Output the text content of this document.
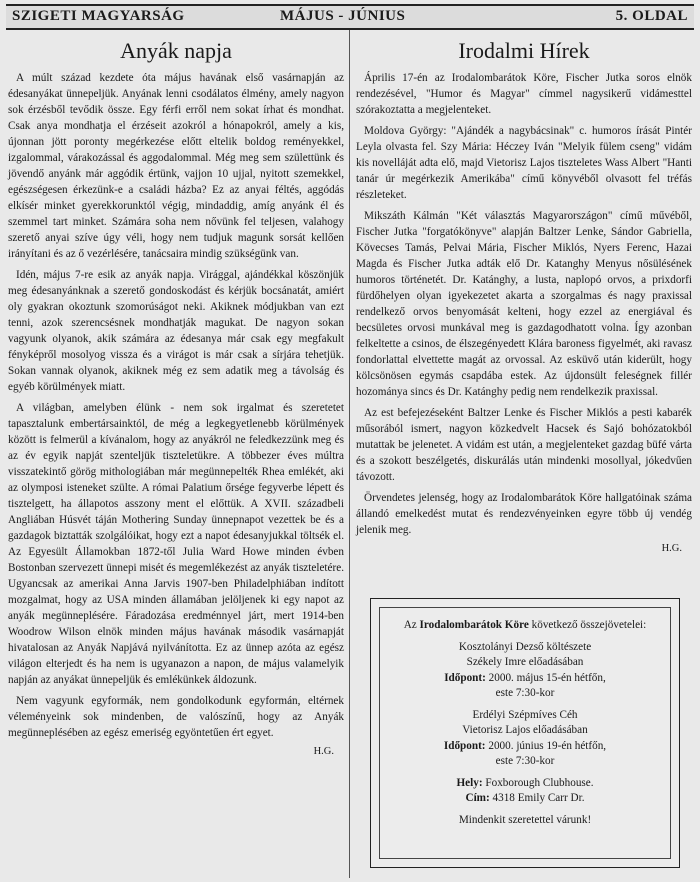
SZIGETI MAGYARSÁG	MÁJUS - JÚNIUS	5. OLDAL
Anyák napja

A múlt század kezdete óta május havának első vasárnapján az édesanyákat ünnepeljük. Anyának lenni csodálatos élmény, amely nagyon sok érzésből tevődik össze. Egy férfi erről nem sokat írhat és mondhat. Csak anya mondhatja el érzéseit azokról a hónapokról, amely a kis, újonnan jött poronty megérkezése előtt eltelik boldog reményekkel, izgalommal, várakozással és aggodalommal. Még meg sem születtünk és jövendő anyánk már aggódik értünk, vajjon 10 ujjal, nyitott szemekkel, egészségesen érkezünk-e a családi házba? Ez az anyai féltés, aggódás elkísér minket gyerekkorunktól végig, mindaddig, amíg anyánk él és szemmel tart minket. Számára soha nem nővünk fel teljesen, valahogy szerető anyai szíve úgy véli, hogy nem tudjuk magunk sorsát kellően irányítani és az ő vezérlésére, tanácsaira mindig szükségünk van.

Idén, május 7-re esik az anyák napja. Virággal, ajándékkal köszönjük meg édesanyánknak a szerető gondoskodást és kérjük bocsánatát, amiért oly gyakran okoztunk szomorúságot neki. Akiknek módjukban van ezt tenni, azok szerencsésnek mondhatják magukat. De nagyon sokan vagyunk olyanok, akik számára az édesanya már csak egy megfakult fényképről mosolyog vissza és a virágot is már csak a sírjára tehetjük. Sokan vannak olyanok, akiknek még ez sem adatik meg a távolság és egyéb körülmények miatt.

A világban, amelyben élünk - nem sok irgalmat és szeretetet tapasztalunk embertársainktól, de még a legkegyetlenebb körülmények között is felmerül a kívánalom, hogy az anyákról ne feledkezzünk meg és az év egyik napját szenteljük tiszteletükre. A többezer éves múltra visszatekintő görög mithologiában már megünnepelték Rhea emlékét, aki az olymposi isteneket szülte. A római Palatium őrsége fegyverbe lépett és tisztelgett, ha állapotos asszony ment el előttük. A XVII. századbeli Angliában Húsvét táján Mothering Sunday ünnepnapot vezettek be és a gazdagok biztatták szolgálóikat, hogy ezt a napot édesanyjukkal töltsék el. Az Egyesült Államokban 1872-től Julia Ward Howe minden évben Bostonban szervezett ünnepi misét és megemlékezést az anyák tiszteletére. Ugyancsak az amerikai Anna Jarvis 1907-ben Philadelphiában indított mozgalmat, hogy az USA minden államában jelöljenek ki egy napot az anyák megünneplésére. Fáradozása eredménnyel járt, mert 1914-ben Woodrow Wilson elnök minden május havának második vasárnapját hivatalosan az Anyák Napjává nyilvánította. Ez az ünnep azóta az egész világon elterjedt és ha nem is ugyanazon a napon, de május valamelyik napján az anyákat ünnepeljük és emlékünkek áldozunk.

Nem vagyunk egyformák, nem gondolkodunk egyformán, eltérnek véleményeink sok mindenben, de valószínű, hogy az Anyák megünneplésében az egész emeriség egyöntetűen ért egyet.

H.G.
Irodalmi Hírek

Április 17-én az Irodalombarátok Köre, Fischer Jutka soros elnök rendezésével, "Humor és Magyar" címmel nagysikerű vidámesttel szórakoztatta a megjelenteket.

Moldova György: "Ajándék a nagybácsinak" c. humoros írását Pintér Leyla olvasta fel. Szy Mária: Héczey Iván "Melyik fülem cseng" vidám kis novelláját adta elő, majd Vietorisz Lajos tiszteletes Wass Albert "Hanti tanár úr megérkezik Amerikába" című könyvéből olvasott fel tréfás részleteket.

Mikszáth Kálmán "Két választás Magyarországon" című művéből, Fischer Jutka "forgatókönyve" alapján Baltzer Lenke, Sándor Gabriella, Kövecses Tamás, Pelvai Mária, Fischer Miklós, Nyers Ferenc, Hazai Magda és Fischer Jutka adták elő Dr. Katanghy Menyus nősülésének humoros történetét. Dr. Katánghy, a lusta, naplopó orvos, a prixdorfi fürdőhelyen olyan igyekezetet akarta a szorgalmas és nagy praxissal rendelkező orvos benyomását kelteni, hogy ezzel az energiával és becsületes orvosi munkával meg is gazdagodhatott volna. Így azonban felkeltette a csinos, de élszegényedett Klára baroness figyelmét, aki ravasz fondorlattal elvettette magát az orvossal. Az esküvő után kiderült, hogy kölcsönösen egymás csapdába estek. Az újdonsült feleségnek fillér hozománya sincs és Dr. Katánghy pedig nem rendelkezik praxissal.

Az est befejezéseként Baltzer Lenke és Fischer Miklós a pesti kabarék műsorából ismert, nagyon közkedvelt Hacsek és Sajó bohózatokból mutattak be jelenetet. A vidám est után, a megjelenteket gazdag büfé várta és a szokott beszélgetés, diskurálás után mindenki mosollyal, jókedvűen távozott.

Örvendetes jelenség, hogy az Irodalombarátok Köre hallgatóinak száma állandó emelkedést mutat és rendezvényeinken egyre több új vendég jelenik meg.

H.G.

Az Irodalombarátok Köre következő összejövetelei:

Kosztolányi Dezső költészete

Székely Imre előadásában

Időpont: 2000. május 15-én hétfőn,

este 7:30-kor

Erdélyi Szépmíves Céh

Vietorisz Lajos előadásában

Időpont: 2000. június 19-én hétfőn,

este 7:30-kor

Hely: Foxborough Clubhouse.

Cím: 4318 Emily Carr Dr.

Mindenkit szeretettel várunk!
